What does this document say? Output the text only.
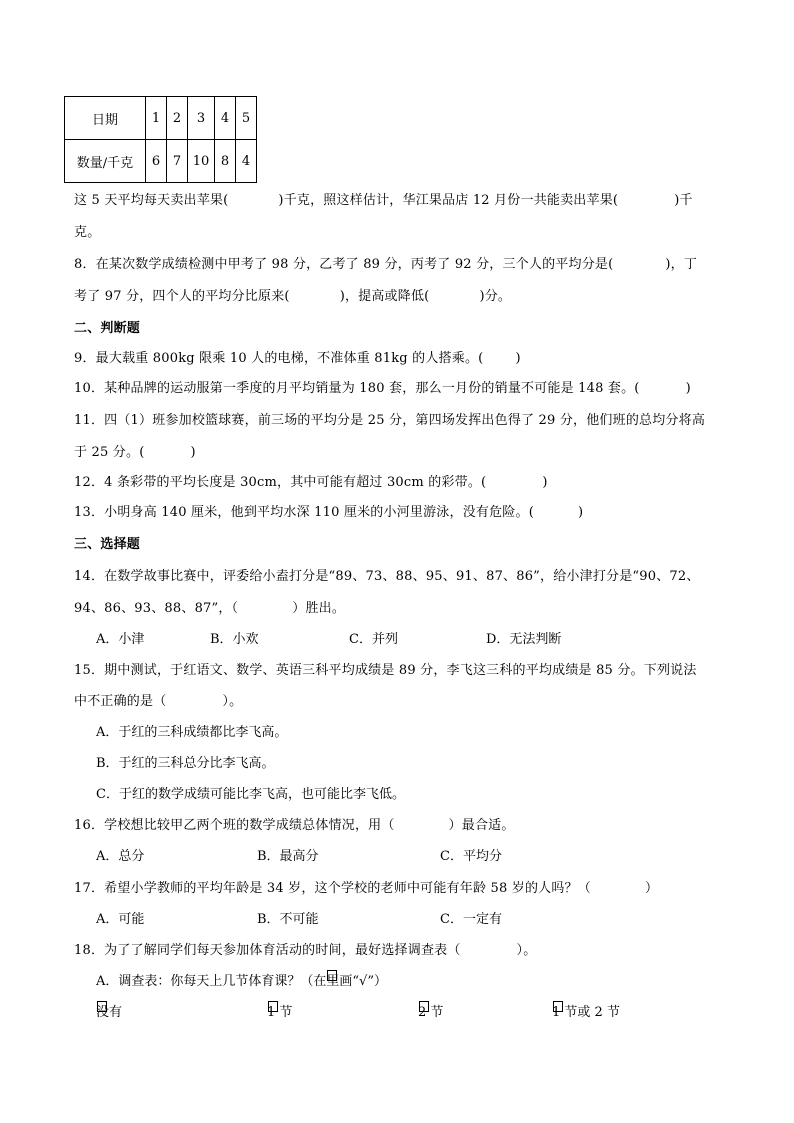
日期	1	2	3	4	5
数量/千克	6	7	10	8	4
这 5 天平均每天卖出苹果(	)千克，照这样估计，华江果品店 12 月份一共能卖出苹果(	)千
克。
8．在某次数学成绩检测中甲考了 98 分，乙考了 89 分，丙考了 92 分，三个人的平均分是(	)，丁
考了 97 分，四个人的平均分比原来(	)，提高或降低(	)分。
二、判断题
9．最大载重 800kg 限乘 10 人的电梯，不准体重 81kg 的人搭乘。( )
10．某种品牌的运动服第一季度的月平均销量为 180 套，那么一月份的销量不可能是 148 套。(	)
11．四（1）班参加校篮球赛，前三场的平均分是 25 分，第四场发挥出色得了 29 分，他们班的总均分将高
于 25 分。(	)
12．4 条彩带的平均长度是 30cm，其中可能有超过 30cm 的彩带。(	)
13．小明身高 140 厘米，他到平均水深 110 厘米的小河里游泳，没有危险。(	)
三、选择题
14．在数学故事比赛中，评委给小盍打分是“89、73、88、95、91、87、86”，给小津打分是“90、72、
94、86、93、88、87”，（	）胜出。
A．小津	B．小欢	C．并列	D．无法判断
15．期中测试，于红语文、数学、英语三科平均成绩是 89 分，李飞这三科的平均成绩是 85 分。下列说法
中不正确的是（	）。
A．于红的三科成绩都比李飞高。
B．于红的三科总分比李飞高。
C．于红的数学成绩可能比李飞高，也可能比李飞低。
16．学校想比较甲乙两个班的数学成绩总体情况，用（	）最合适。
A．总分	B．最高分	C．平均分
17．希望小学教师的平均年龄是 34 岁，这个学校的老师中可能有年龄 58 岁的人吗？（	）
A．可能	B．不可能	C．一定有
18．为了了解同学们每天参加体育活动的时间，最好选择调查表（	）。
A．调查表：你每天上几节体育课？（在
里画“√”）
没有	1 节	2 节	1 节或 2 节
